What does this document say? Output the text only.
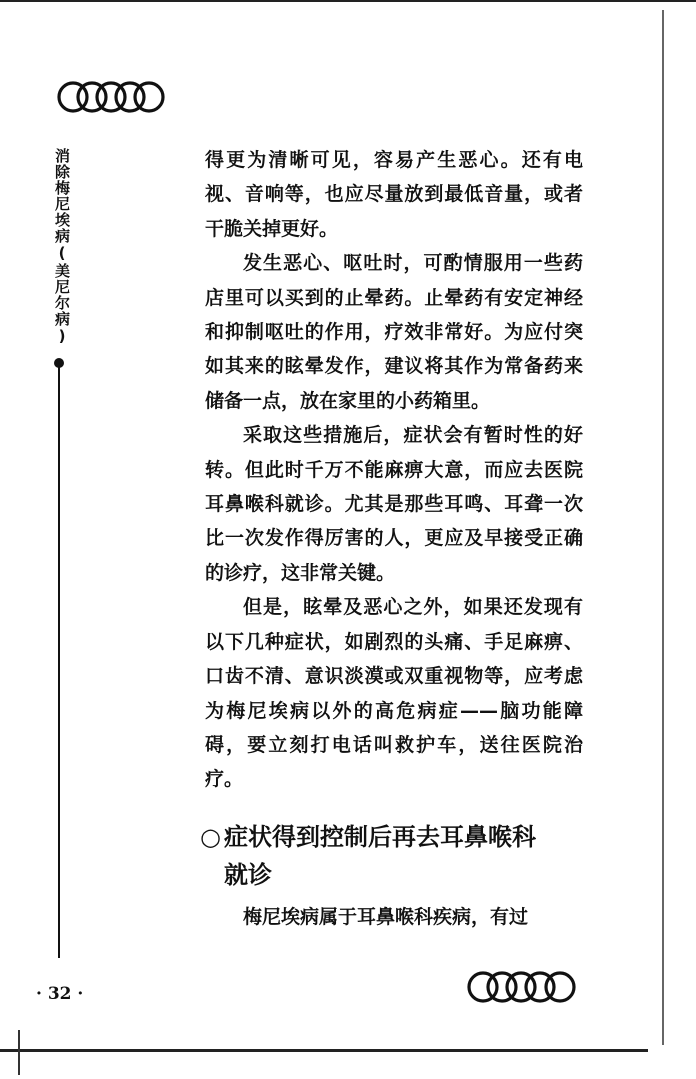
消除梅尼埃病(美尼尔病)	得更为清晰可见，容易产生恶心。还有电视、音响等，也应尽量放到最低音量，或者干脆关掉更好。

发生恶心、呕吐时，可酌情服用一些药店里可以买到的止晕药。止晕药有安定神经和抑制呕吐的作用，疗效非常好。为应付突如其来的眩晕发作，建议将其作为常备药来储备一点，放在家里的小药箱里。

采取这些措施后，症状会有暂时性的好转。但此时千万不能麻痹大意，而应去医院耳鼻喉科就诊。尤其是那些耳鸣、耳聋一次比一次发作得厉害的人，更应及早接受正确的诊疗，这非常关键。

但是，眩晕及恶心之外，如果还发现有以下几种症状，如剧烈的头痛、手足麻痹、口齿不清、意识淡漠或双重视物等，应考虑为梅尼埃病以外的高危病症——脑功能障碍，要立刻打电话叫救护车，送往医院治疗。

○ 症状得到控制后再去耳鼻喉科
就诊

梅尼埃病属于耳鼻喉科疾病，有过

· 32 ·
